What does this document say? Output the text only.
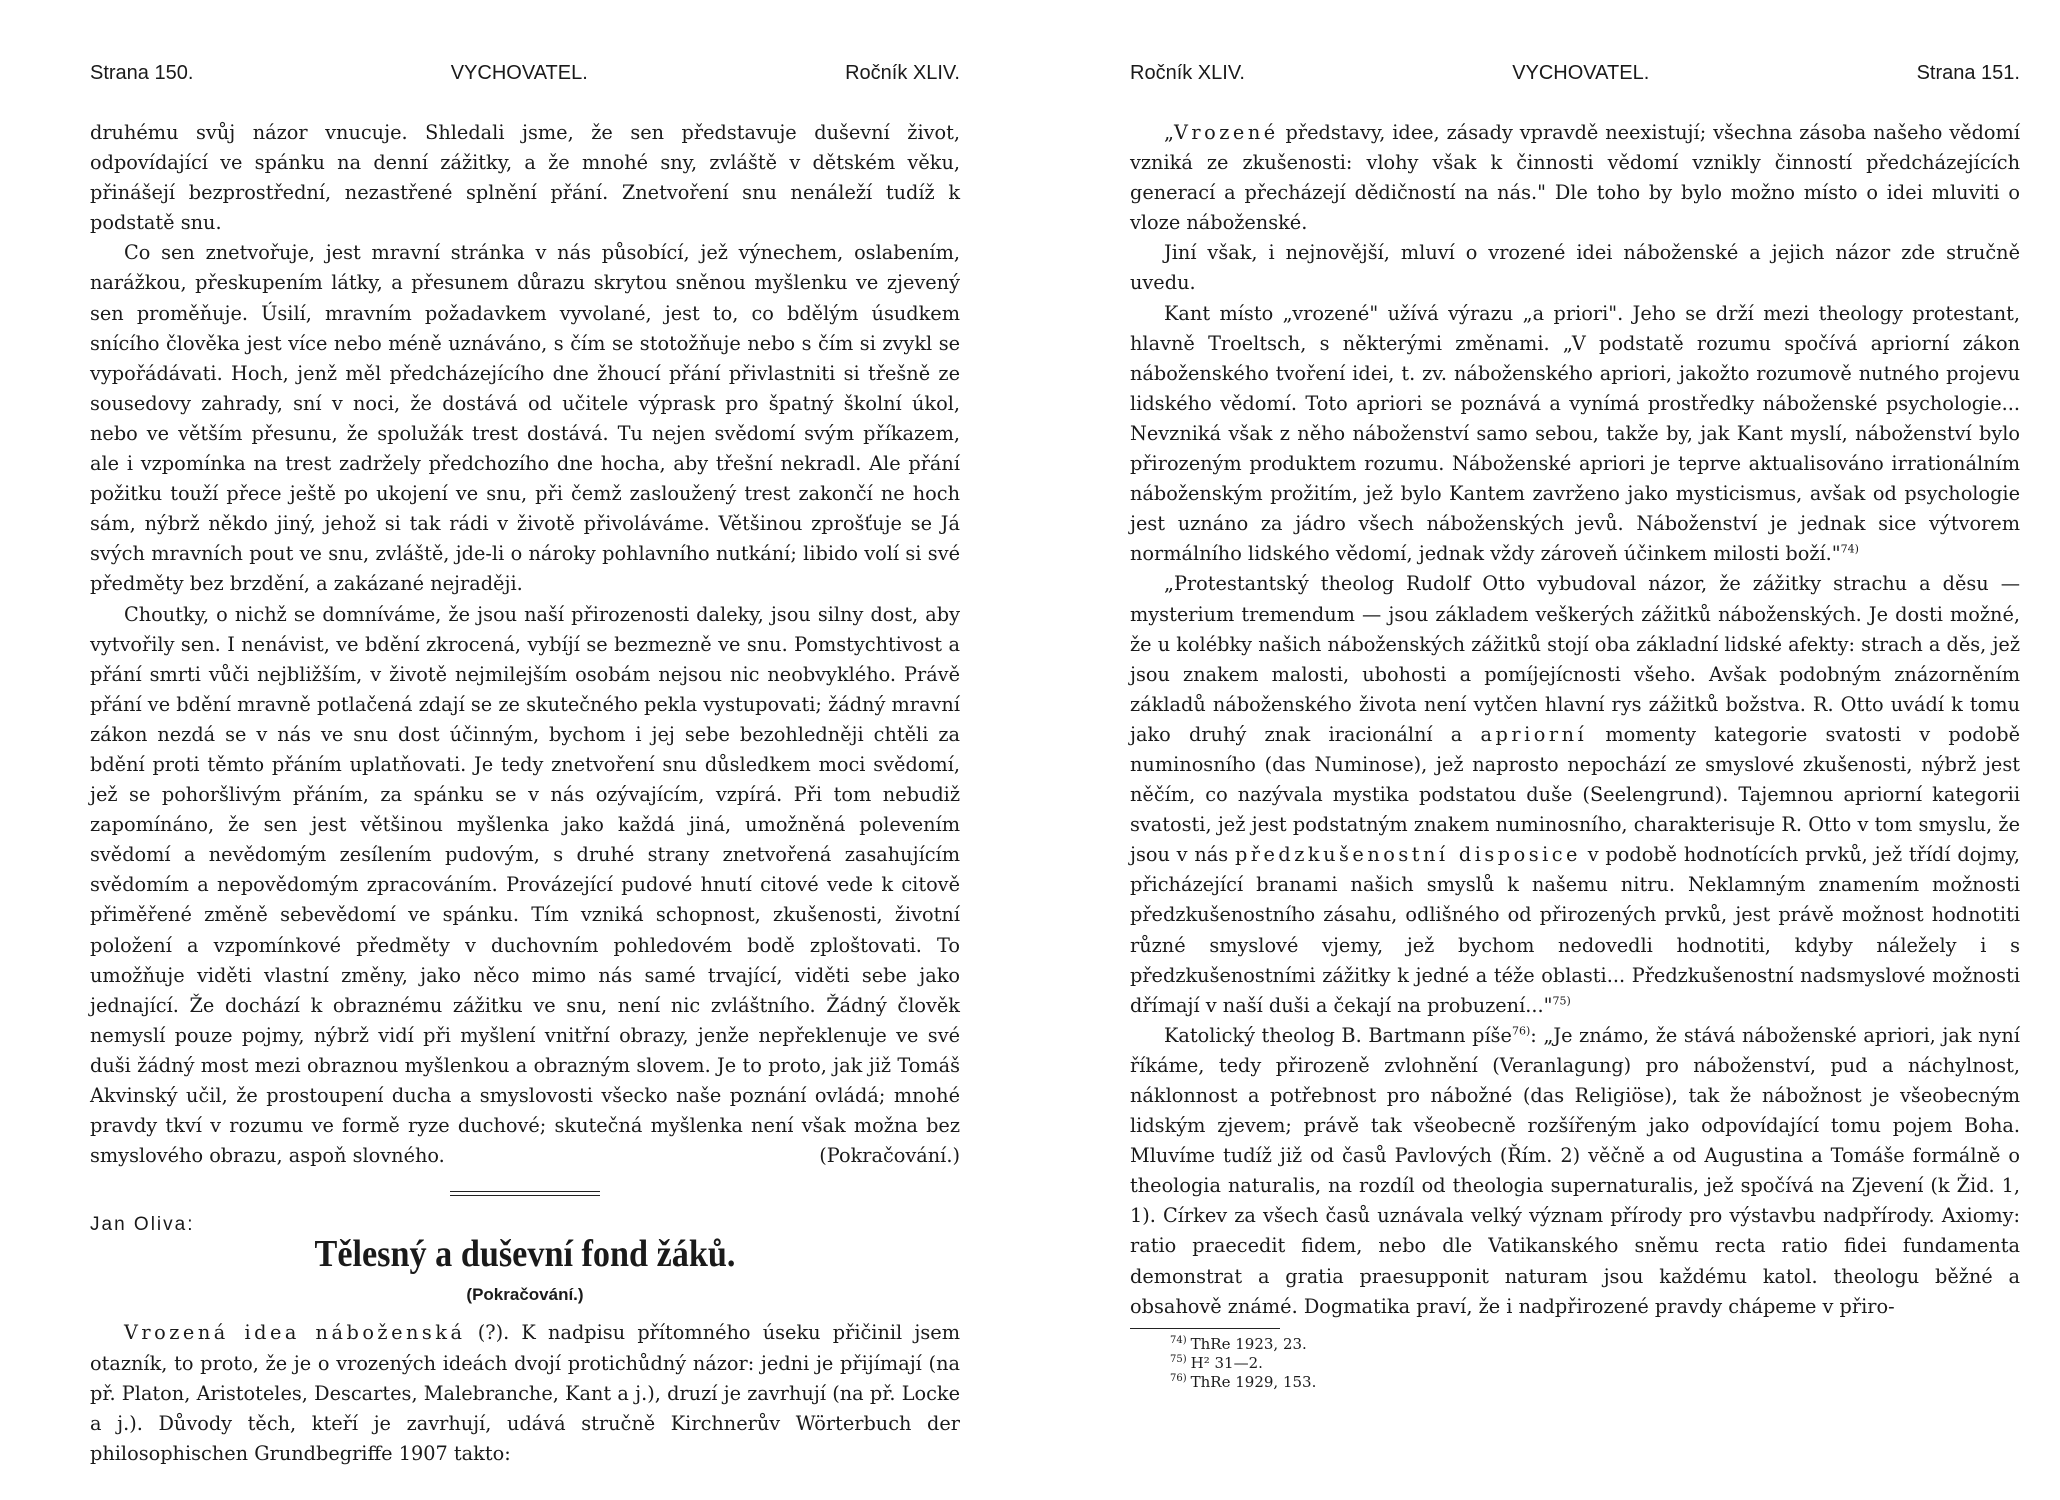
Strana 150.	VYCHOVATEL.	Ročník XLIV.

druhému svůj názor vnucuje. Shledali jsme, že sen představuje duševní život, odpovídající ve spánku na denní zážitky, a že mnohé sny, zvláště v dětském věku, přinášejí bezprostřední, nezastřené splnění přání. Znetvoření snu nenáleží tudíž k podstatě snu.

Co sen znetvořuje, jest mravní stránka v nás působící, jež výnechem, oslabením, narážkou, přeskupením látky, a přesunem důrazu skrytou sněnou myšlenku ve zjevený sen proměňuje. Úsilí, mravním požadavkem vyvolané, jest to, co bdělým úsudkem snícího člověka jest více nebo méně uznáváno, s čím se stotožňuje nebo s čím si zvykl se vypořádávati. Hoch, jenž měl předcházejícího dne žhoucí přání přivlastniti si třešně ze sousedovy zahrady, sní v noci, že dostává od učitele výprask pro špatný školní úkol, nebo ve větším přesunu, že spolužák trest dostává. Tu nejen svědomí svým příkazem, ale i vzpomínka na trest zadržely předchozího dne hocha, aby třešní nekradl. Ale přání požitku touží přece ještě po ukojení ve snu, při čemž zasloužený trest zakončí ne hoch sám, nýbrž někdo jiný, jehož si tak rádi v životě přivoláváme. Většinou zprošťuje se Já svých mravních pout ve snu, zvláště, jde-li o nároky pohlavního nutkání; libido volí si své předměty bez brzdění, a zakázané nejraději.

Choutky, o nichž se domníváme, že jsou naší přirozenosti daleky, jsou silny dost, aby vytvořily sen. I nenávist, ve bdění zkrocená, vybíjí se bezmezně ve snu. Pomstychtivost a přání smrti vůči nejbližším, v životě nejmilejším osobám nejsou nic neobvyklého. Právě přání ve bdění mravně potlačená zdají se ze skutečného pekla vystupovati; žádný mravní zákon nezdá se v nás ve snu dost účinným, bychom i jej sebe bezohledněji chtěli za bdění proti těmto přáním uplatňovati. Je tedy znetvoření snu důsledkem moci svědomí, jež se pohoršlivým přáním, za spánku se v nás ozývajícím, vzpírá. Při tom nebudiž zapomínáno, že sen jest většinou myšlenka jako každá jiná, umožněná polevením svědomí a nevědomým zesílením pudovým, s druhé strany znetvořená zasahujícím svědomím a nepovědomým zpracováním. Provázející pudové hnutí citové vede k citově přiměřené změně sebevědomí ve spánku. Tím vzniká schopnost, zkušenosti, životní položení a vzpomínkové předměty v duchovním pohledovém bodě zploštovati. To umožňuje viděti vlastní změny, jako něco mimo nás samé trvající, viděti sebe jako jednající. Že dochází k obraznému zážitku ve snu, není nic zvláštního. Žádný člověk nemyslí pouze pojmy, nýbrž vidí při myšlení vnitřní obrazy, jenže nepřeklenuje ve své duši žádný most mezi obraznou myšlenkou a obrazným slovem. Je to proto, jak již Tomáš Akvinský učil, že prostoupení ducha a smyslovosti všecko naše poznání ovládá; mnohé pravdy tkví v rozumu ve formě ryze duchové; skutečná myšlenka není však možna bez smyslového obrazu, aspoň slovného.	(Pokračování.)

Jan Oliva:
Tělesný a duševní fond žáků.
(Pokračování.)

Vrozená idea náboženská (?). K nadpisu přítomného úseku přičinil jsem otazník, to proto, že je o vrozených ideách dvojí protichůdný názor: jedni je přijímají (na př. Platon, Aristoteles, Descartes, Malebranche, Kant a j.), druzí je zavrhují (na př. Locke a j.). Důvody těch, kteří je zavrhují, udává stručně Kirchnerův Wörterbuch der philosophischen Grundbegriffe 1907 takto:

Ročník XLIV.	VYCHOVATEL.	Strana 151.

„Vrozené představy, idee, zásady vpravdě neexistují; všechna zásoba našeho vědomí vzniká ze zkušenosti: vlohy však k činnosti vědomí vznikly činností předcházejících generací a přecházejí dědičností na nás." Dle toho by bylo možno místo o idei mluviti o vloze náboženské.

Jiní však, i nejnovější, mluví o vrozené idei náboženské a jejich názor zde stručně uvedu.

Kant místo „vrozené" užívá výrazu „a priori". Jeho se drží mezi theology protestant, hlavně Troeltsch, s některými změnami. „V podstatě rozumu spočívá apriorní zákon náboženského tvoření idei, t. zv. náboženského apriori, jakožto rozumově nutného projevu lidského vědomí. Toto apriori se poznává a vynímá prostředky náboženské psychologie... Nevzniká však z něho náboženství samo sebou, takže by, jak Kant myslí, náboženství bylo přirozeným produktem rozumu. Náboženské apriori je teprve aktualisováno irrationálním náboženským prožitím, jež bylo Kantem zavrženo jako mysticismus, avšak od psychologie jest uznáno za jádro všech náboženských jevů. Náboženství je jednak sice výtvorem normálního lidského vědomí, jednak vždy zároveň účinkem milosti boží."$^{74)}$

„Protestantský theolog Rudolf Otto vybudoval názor, že zážitky strachu a děsu — mysterium tremendum — jsou základem veškerých zážitků náboženských. Je dosti možné, že u kolébky našich náboženských zážitků stojí oba základní lidské afekty: strach a děs, jež jsou znakem malosti, ubohosti a pomíjejícnosti všeho. Avšak podobným znázorněním základů náboženského života není vytčen hlavní rys zážitků božstva. R. Otto uvádí k tomu jako druhý znak iracionální a apriorní momenty kategorie svatosti v podobě numinosního (das Numinose), jež naprosto nepochází ze smyslové zkušenosti, nýbrž jest něčím, co nazývala mystika podstatou duše (Seelengrund). Tajemnou apriorní kategorii svatosti, jež jest podstatným znakem numinosního, charakterisuje R. Otto v tom smyslu, že jsou v nás předzkušenostní disposice v podobě hodnotících prvků, jež třídí dojmy, přicházející branami našich smyslů k našemu nitru. Neklamným znamením možnosti předzkušenostního zásahu, odlišného od přirozených prvků, jest právě možnost hodnotiti různé smyslové vjemy, jež bychom nedovedli hodnotiti, kdyby náležely i s předzkušenostními zážitky k jedné a téže oblasti... Předzkušenostní nadsmyslové možnosti dřímají v naší duši a čekají na probuzení..."$^{75)}$

Katolický theolog B. Bartmann píše$^{76)}$: „Je známo, že stává náboženské apriori, jak nyní říkáme, tedy přirozeně zvlohnění (Veranlagung) pro náboženství, pud a náchylnost, náklonnost a potřebnost pro nábožné (das Religiöse), tak že nábožnost je všeobecným lidským zjevem; právě tak všeobecně rozšířeným jako odpovídající tomu pojem Boha. Mluvíme tudíž již od časů Pavlových (Řím. 2) věčně a od Augustina a Tomáše formálně o theologia naturalis, na rozdíl od theologia supernaturalis, jež spočívá na Zjevení (k Žid. 1, 1). Církev za všech časů uznávala velký význam přírody pro výstavbu nadpřírody. Axiomy: ratio praecedit fidem, nebo dle Vatikanského sněmu recta ratio fidei fundamenta demonstrat a gratia praesupponit naturam jsou každému katol. theologu běžné a obsahově známé. Dogmatika praví, že i nadpřirozené pravdy chápeme v přiro-

$^{74)}$ ThRe 1923, 23.
$^{75)}$ H² 31—2.
$^{76)}$ ThRe 1929, 153.
